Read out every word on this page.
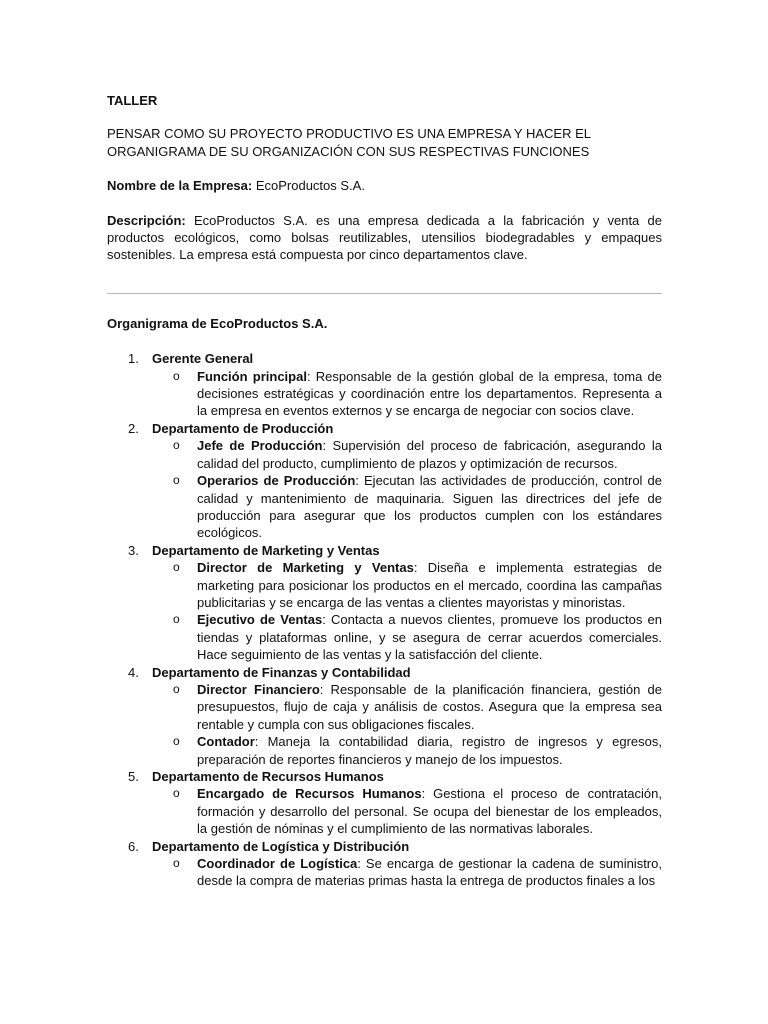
TALLER

PENSAR COMO SU PROYECTO PRODUCTIVO ES UNA EMPRESA Y HACER EL ORGANIGRAMA DE SU ORGANIZACIÓN CON SUS RESPECTIVAS FUNCIONES

Nombre de la Empresa: EcoProductos S.A.

Descripción: EcoProductos S.A. es una empresa dedicada a la fabricación y venta de productos ecológicos, como bolsas reutilizables, utensilios biodegradables y empaques sostenibles. La empresa está compuesta por cinco departamentos clave.

Organigrama de EcoProductos S.A.

1. Gerente General
o Función principal: Responsable de la gestión global de la empresa, toma de decisiones estratégicas y coordinación entre los departamentos. Representa a la empresa en eventos externos y se encarga de negociar con socios clave.
2. Departamento de Producción
o Jefe de Producción: Supervisión del proceso de fabricación, asegurando la calidad del producto, cumplimiento de plazos y optimización de recursos.
o Operarios de Producción: Ejecutan las actividades de producción, control de calidad y mantenimiento de maquinaria. Siguen las directrices del jefe de producción para asegurar que los productos cumplen con los estándares ecológicos.
3. Departamento de Marketing y Ventas
o Director de Marketing y Ventas: Diseña e implementa estrategias de marketing para posicionar los productos en el mercado, coordina las campañas publicitarias y se encarga de las ventas a clientes mayoristas y minoristas.
o Ejecutivo de Ventas: Contacta a nuevos clientes, promueve los productos en tiendas y plataformas online, y se asegura de cerrar acuerdos comerciales. Hace seguimiento de las ventas y la satisfacción del cliente.
4. Departamento de Finanzas y Contabilidad
o Director Financiero: Responsable de la planificación financiera, gestión de presupuestos, flujo de caja y análisis de costos. Asegura que la empresa sea rentable y cumpla con sus obligaciones fiscales.
o Contador: Maneja la contabilidad diaria, registro de ingresos y egresos, preparación de reportes financieros y manejo de los impuestos.
5. Departamento de Recursos Humanos
o Encargado de Recursos Humanos: Gestiona el proceso de contratación, formación y desarrollo del personal. Se ocupa del bienestar de los empleados, la gestión de nóminas y el cumplimiento de las normativas laborales.
6. Departamento de Logística y Distribución
o Coordinador de Logística: Se encarga de gestionar la cadena de suministro, desde la compra de materias primas hasta la entrega de productos finales a los
